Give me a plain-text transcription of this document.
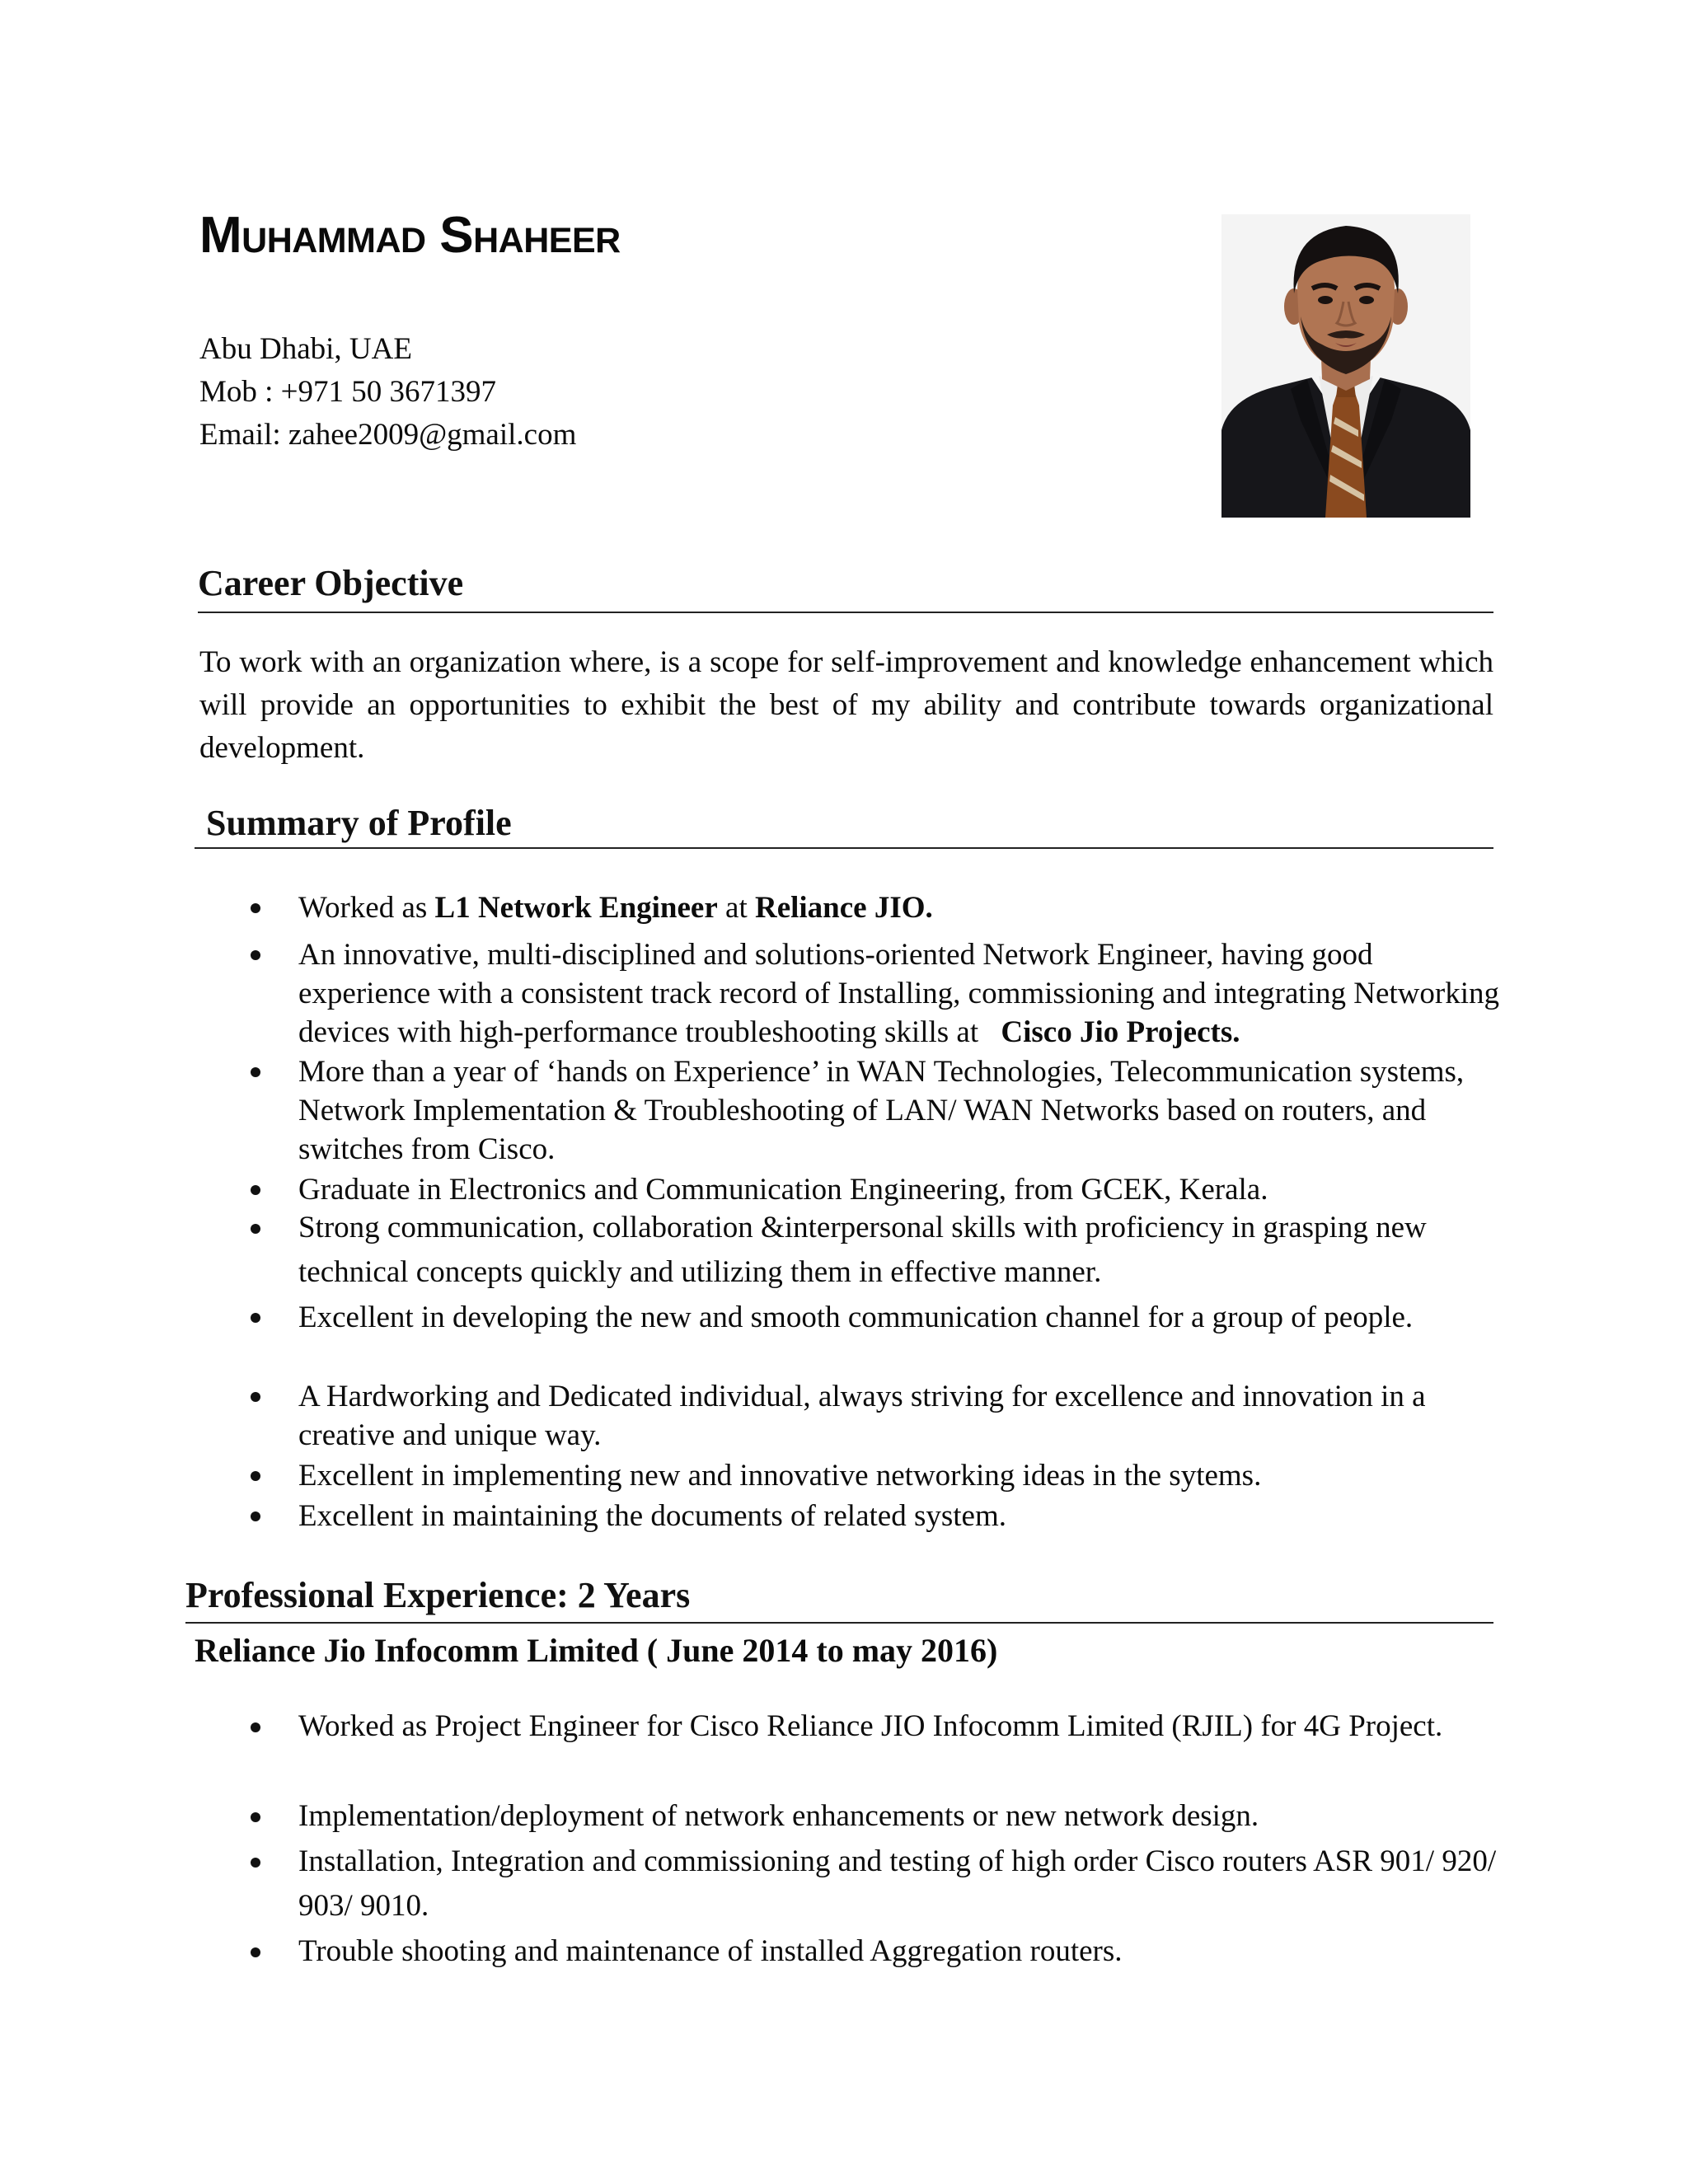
Muhammad Shaheer
Abu Dhabi, UAE
Mob : +971 50 3671397
Email: zahee2009@gmail.com
Career Objective

To work with an organization where, is a scope for self-improvement and knowledge enhancement which will provide an opportunities to exhibit the best of my ability and contribute towards organizational development.

Summary of Profile
Worked as L1 Network Engineer at Reliance JIO.
An innovative, multi-disciplined and solutions-oriented Network Engineer, having good experience with a consistent track record of Installing, commissioning and integrating Networking devices with high-performance troubleshooting skills at Cisco Jio Projects.
More than a year of ‘hands on Experience’ in WAN Technologies, Telecommunication systems, Network Implementation & Troubleshooting of LAN/ WAN Networks based on routers, and switches from Cisco.
Graduate in Electronics and Communication Engineering, from GCEK, Kerala.
Strong communication, collaboration &interpersonal skills with proficiency in grasping new technical concepts quickly and utilizing them in effective manner.
Excellent in developing the new and smooth communication channel for a group of people.
A Hardworking and Dedicated individual, always striving for excellence and innovation in a creative and unique way.
Excellent in implementing new and innovative networking ideas in the sytems.
Excellent in maintaining the documents of related system.
Professional Experience: 2 Years
Reliance Jio Infocomm Limited ( June 2014 to may 2016)
Worked as Project Engineer for Cisco Reliance JIO Infocomm Limited (RJIL) for 4G Project.
Implementation/deployment of network enhancements or new network design.
Installation, Integration and commissioning and testing of high order Cisco routers ASR 901/ 920/ 903/ 9010.
Trouble shooting and maintenance of installed Aggregation routers.
